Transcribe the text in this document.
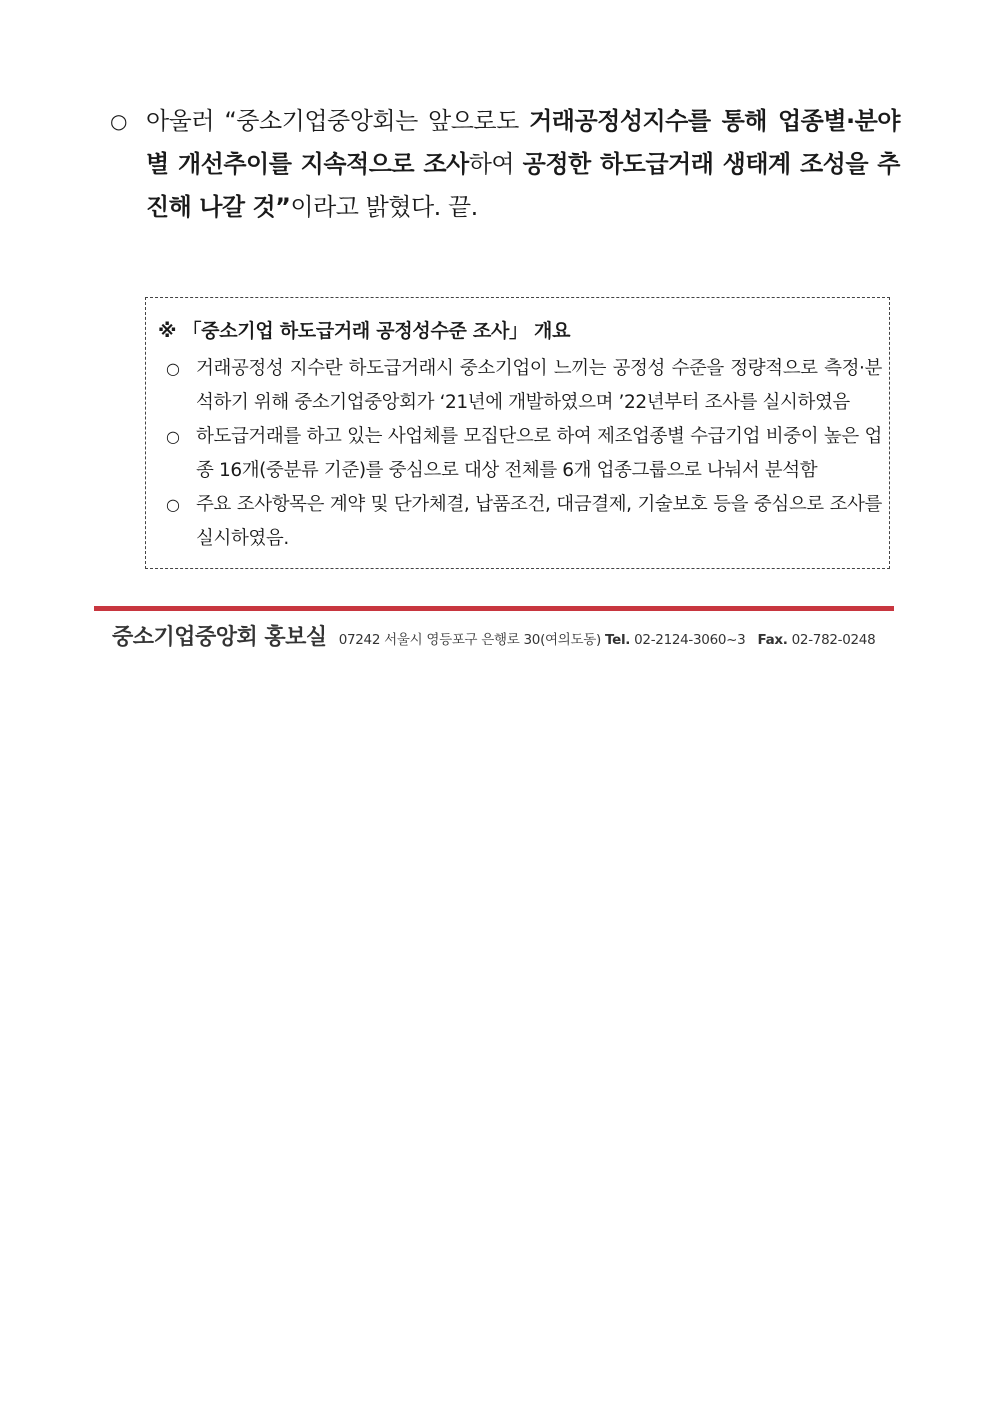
○ 아울러 “중소기업중앙회는 앞으로도 거래공정성지수를 통해 업종별·분야별 개선추이를 지속적으로 조사하여 공정한 하도급거래 생태계 조성을 추진해 나갈 것”이라고 밝혔다. 끝.
※ 「중소기업 하도급거래 공정성수준 조사」 개요
○ 거래공정성 지수란 하도급거래시 중소기업이 느끼는 공정성 수준을 정량적으로 측정·분석하기 위해 중소기업중앙회가 ‘21년에 개발하였으며 ’22년부터 조사를 실시하였음
○ 하도급거래를 하고 있는 사업체를 모집단으로 하여 제조업종별 수급기업 비중이 높은 업종 16개(중분류 기준)를 중심으로 대상 전체를 6개 업종그룹으로 나눠서 분석함
○ 주요 조사항목은 계약 및 단가체결, 납품조건, 대금결제, 기술보호 등을 중심으로 조사를 실시하였음.
중소기업중앙회 홍보실 07242 서울시 영등포구 은행로 30(여의도동) Tel. 02-2124-3060~3 Fax. 02-782-0248
